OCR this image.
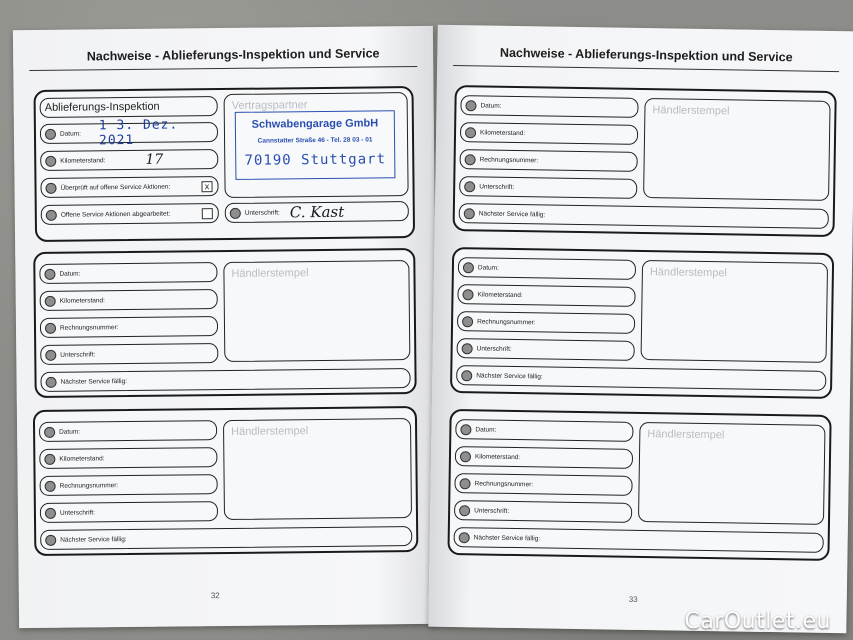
Nachweise - Ablieferungs-Inspektion und Service
Ablieferungs-Inspektion
Datum:
1 3. Dez. 2021
Kilometerstand:	17
Überprüft auf offene Service Aktionen:	x
Offene Service Aktionen abgearbeitet:
Vertragspartner
Schwabengarage GmbH
Cannstatter Straße 46 - Tel. 28 03 - 01
70190 Stuttgart
Unterschrift: C. Kast
Datum:
Kilometerstand:
Rechnungsnummer:
Unterschrift:
Nächster Service fällig:
Händlerstempel
Datum:
Kilometerstand:
Rechnungsnummer:
Unterschrift:
Nächster Service fällig:
Händlerstempel
32
Nachweise - Ablieferungs-Inspektion und Service
Datum:
Kilometerstand:
Rechnungsnummer:
Unterschrift:
Nächster Service fällig:
Händlerstempel
Datum:
Kilometerstand:
Rechnungsnummer:
Unterschrift:
Nächster Service fällig:
Händlerstempel
Datum:
Kilometerstand:
Rechnungsnummer:
Unterschrift:
Nächster Service fällig:
Händlerstempel
33
CarOutlet.eu
